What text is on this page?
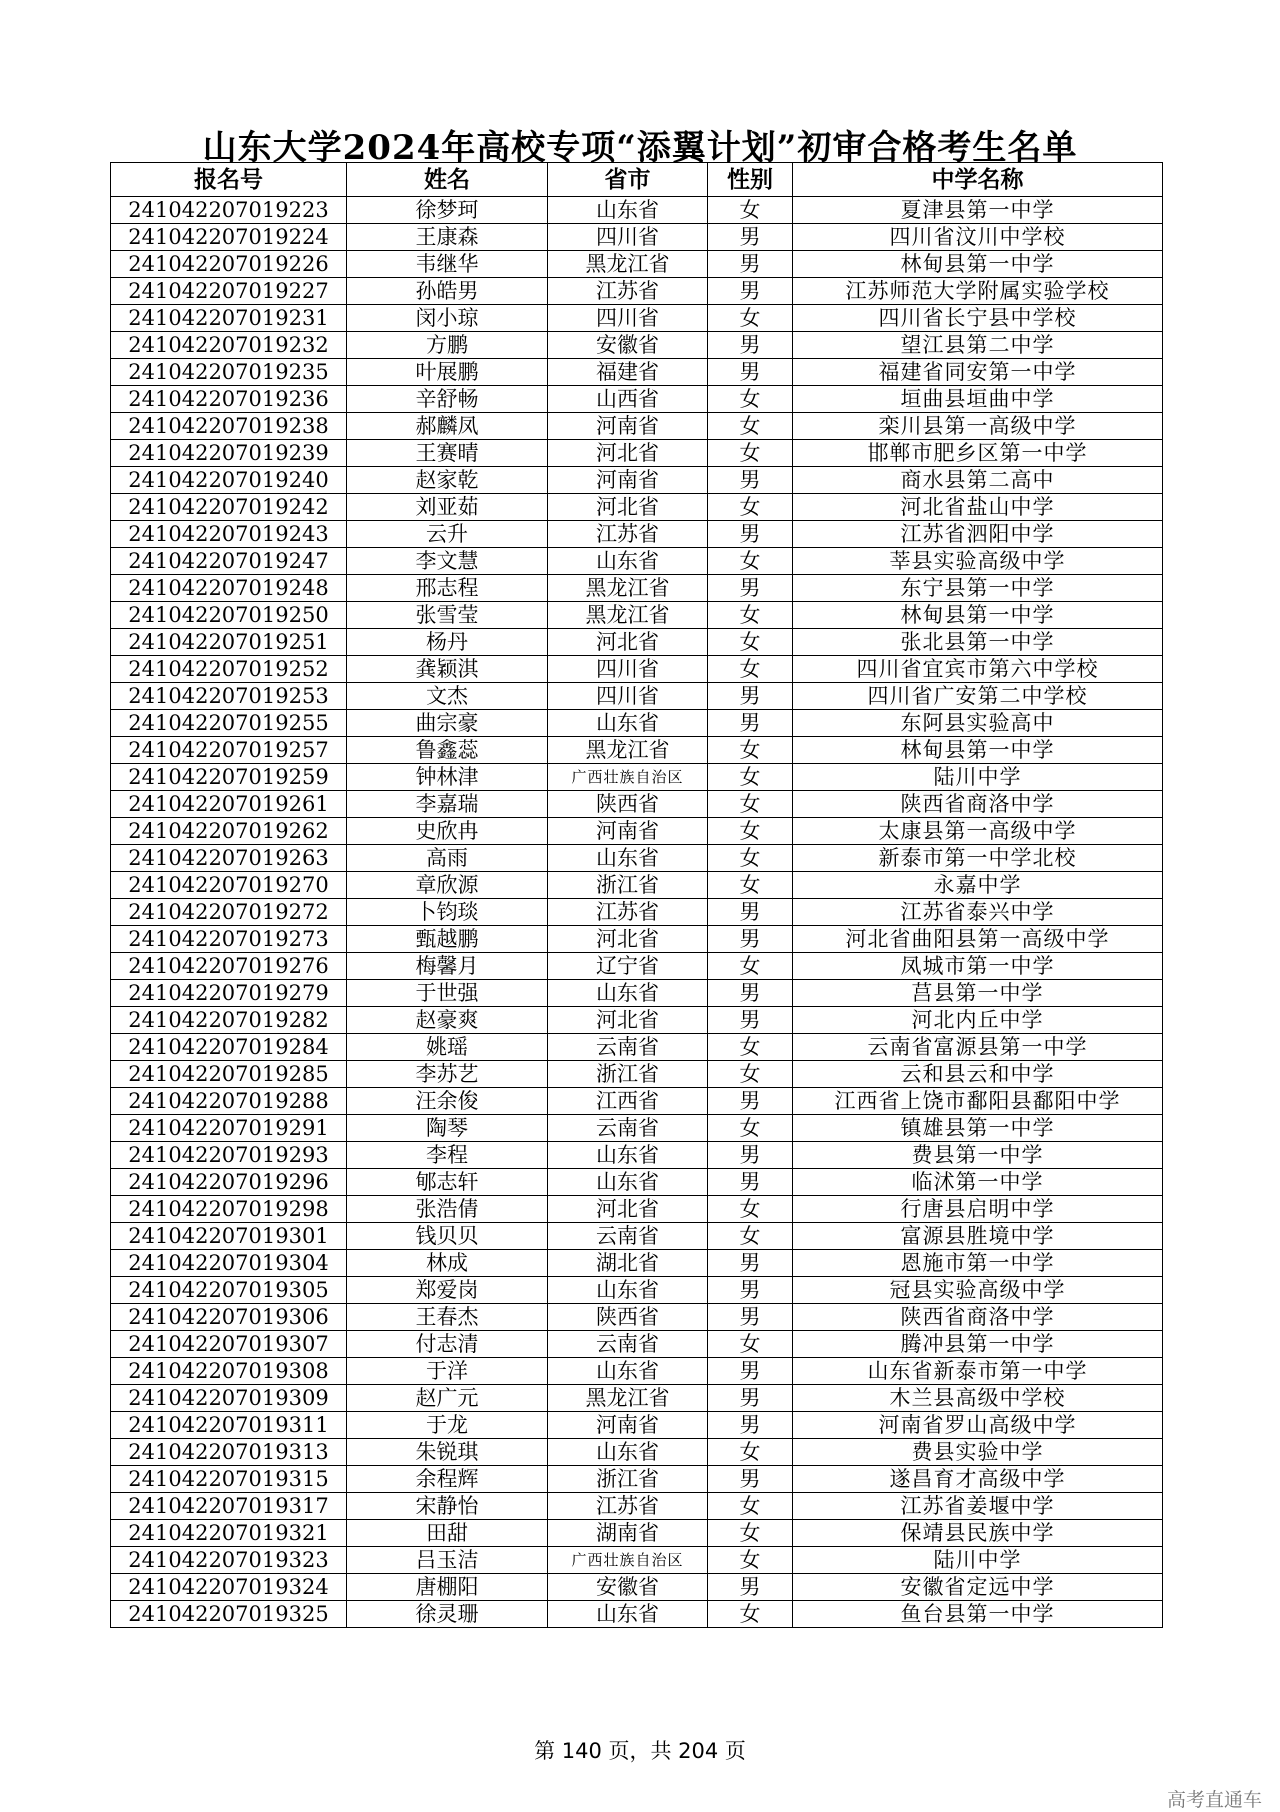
山东大学2024年高校专项“添翼计划”初审合格考生名单
报名号	姓名	省市	性别	中学名称
241042207019223	徐梦珂	山东省	女	夏津县第一中学
241042207019224	王康森	四川省	男	四川省汶川中学校
241042207019226	韦继华	黑龙江省	男	林甸县第一中学
241042207019227	孙皓男	江苏省	男	江苏师范大学附属实验学校
241042207019231	闵小琼	四川省	女	四川省长宁县中学校
241042207019232	方鹏	安徽省	男	望江县第二中学
241042207019235	叶展鹏	福建省	男	福建省同安第一中学
241042207019236	辛舒畅	山西省	女	垣曲县垣曲中学
241042207019238	郝麟凤	河南省	女	栾川县第一高级中学
241042207019239	王赛晴	河北省	女	邯郸市肥乡区第一中学
241042207019240	赵家乾	河南省	男	商水县第二高中
241042207019242	刘亚茹	河北省	女	河北省盐山中学
241042207019243	云升	江苏省	男	江苏省泗阳中学
241042207019247	李文慧	山东省	女	莘县实验高级中学
241042207019248	邢志程	黑龙江省	男	东宁县第一中学
241042207019250	张雪莹	黑龙江省	女	林甸县第一中学
241042207019251	杨丹	河北省	女	张北县第一中学
241042207019252	龚颖淇	四川省	女	四川省宜宾市第六中学校
241042207019253	文杰	四川省	男	四川省广安第二中学校
241042207019255	曲宗豪	山东省	男	东阿县实验高中
241042207019257	鲁鑫蕊	黑龙江省	女	林甸县第一中学
241042207019259	钟林津	广西壮族自治区	女	陆川中学
241042207019261	李嘉瑞	陕西省	女	陕西省商洛中学
241042207019262	史欣冉	河南省	女	太康县第一高级中学
241042207019263	高雨	山东省	女	新泰市第一中学北校
241042207019270	章欣源	浙江省	女	永嘉中学
241042207019272	卜钧琰	江苏省	男	江苏省泰兴中学
241042207019273	甄越鹏	河北省	男	河北省曲阳县第一高级中学
241042207019276	梅馨月	辽宁省	女	凤城市第一中学
241042207019279	于世强	山东省	男	莒县第一中学
241042207019282	赵豪爽	河北省	男	河北内丘中学
241042207019284	姚瑶	云南省	女	云南省富源县第一中学
241042207019285	李苏艺	浙江省	女	云和县云和中学
241042207019288	汪余俊	江西省	男	江西省上饶市鄱阳县鄱阳中学
241042207019291	陶琴	云南省	女	镇雄县第一中学
241042207019293	李程	山东省	男	费县第一中学
241042207019296	郇志轩	山东省	男	临沭第一中学
241042207019298	张浩倩	河北省	女	行唐县启明中学
241042207019301	钱贝贝	云南省	女	富源县胜境中学
241042207019304	林成	湖北省	男	恩施市第一中学
241042207019305	郑爱岗	山东省	男	冠县实验高级中学
241042207019306	王春杰	陕西省	男	陕西省商洛中学
241042207019307	付志清	云南省	女	腾冲县第一中学
241042207019308	于洋	山东省	男	山东省新泰市第一中学
241042207019309	赵广元	黑龙江省	男	木兰县高级中学校
241042207019311	于龙	河南省	男	河南省罗山高级中学
241042207019313	朱锐琪	山东省	女	费县实验中学
241042207019315	余程辉	浙江省	男	遂昌育才高级中学
241042207019317	宋静怡	江苏省	女	江苏省姜堰中学
241042207019321	田甜	湖南省	女	保靖县民族中学
241042207019323	吕玉洁	广西壮族自治区	女	陆川中学
241042207019324	唐棚阳	安徽省	男	安徽省定远中学
241042207019325	徐灵珊	山东省	女	鱼台县第一中学
第 140 页，共 204 页
高考直通车
